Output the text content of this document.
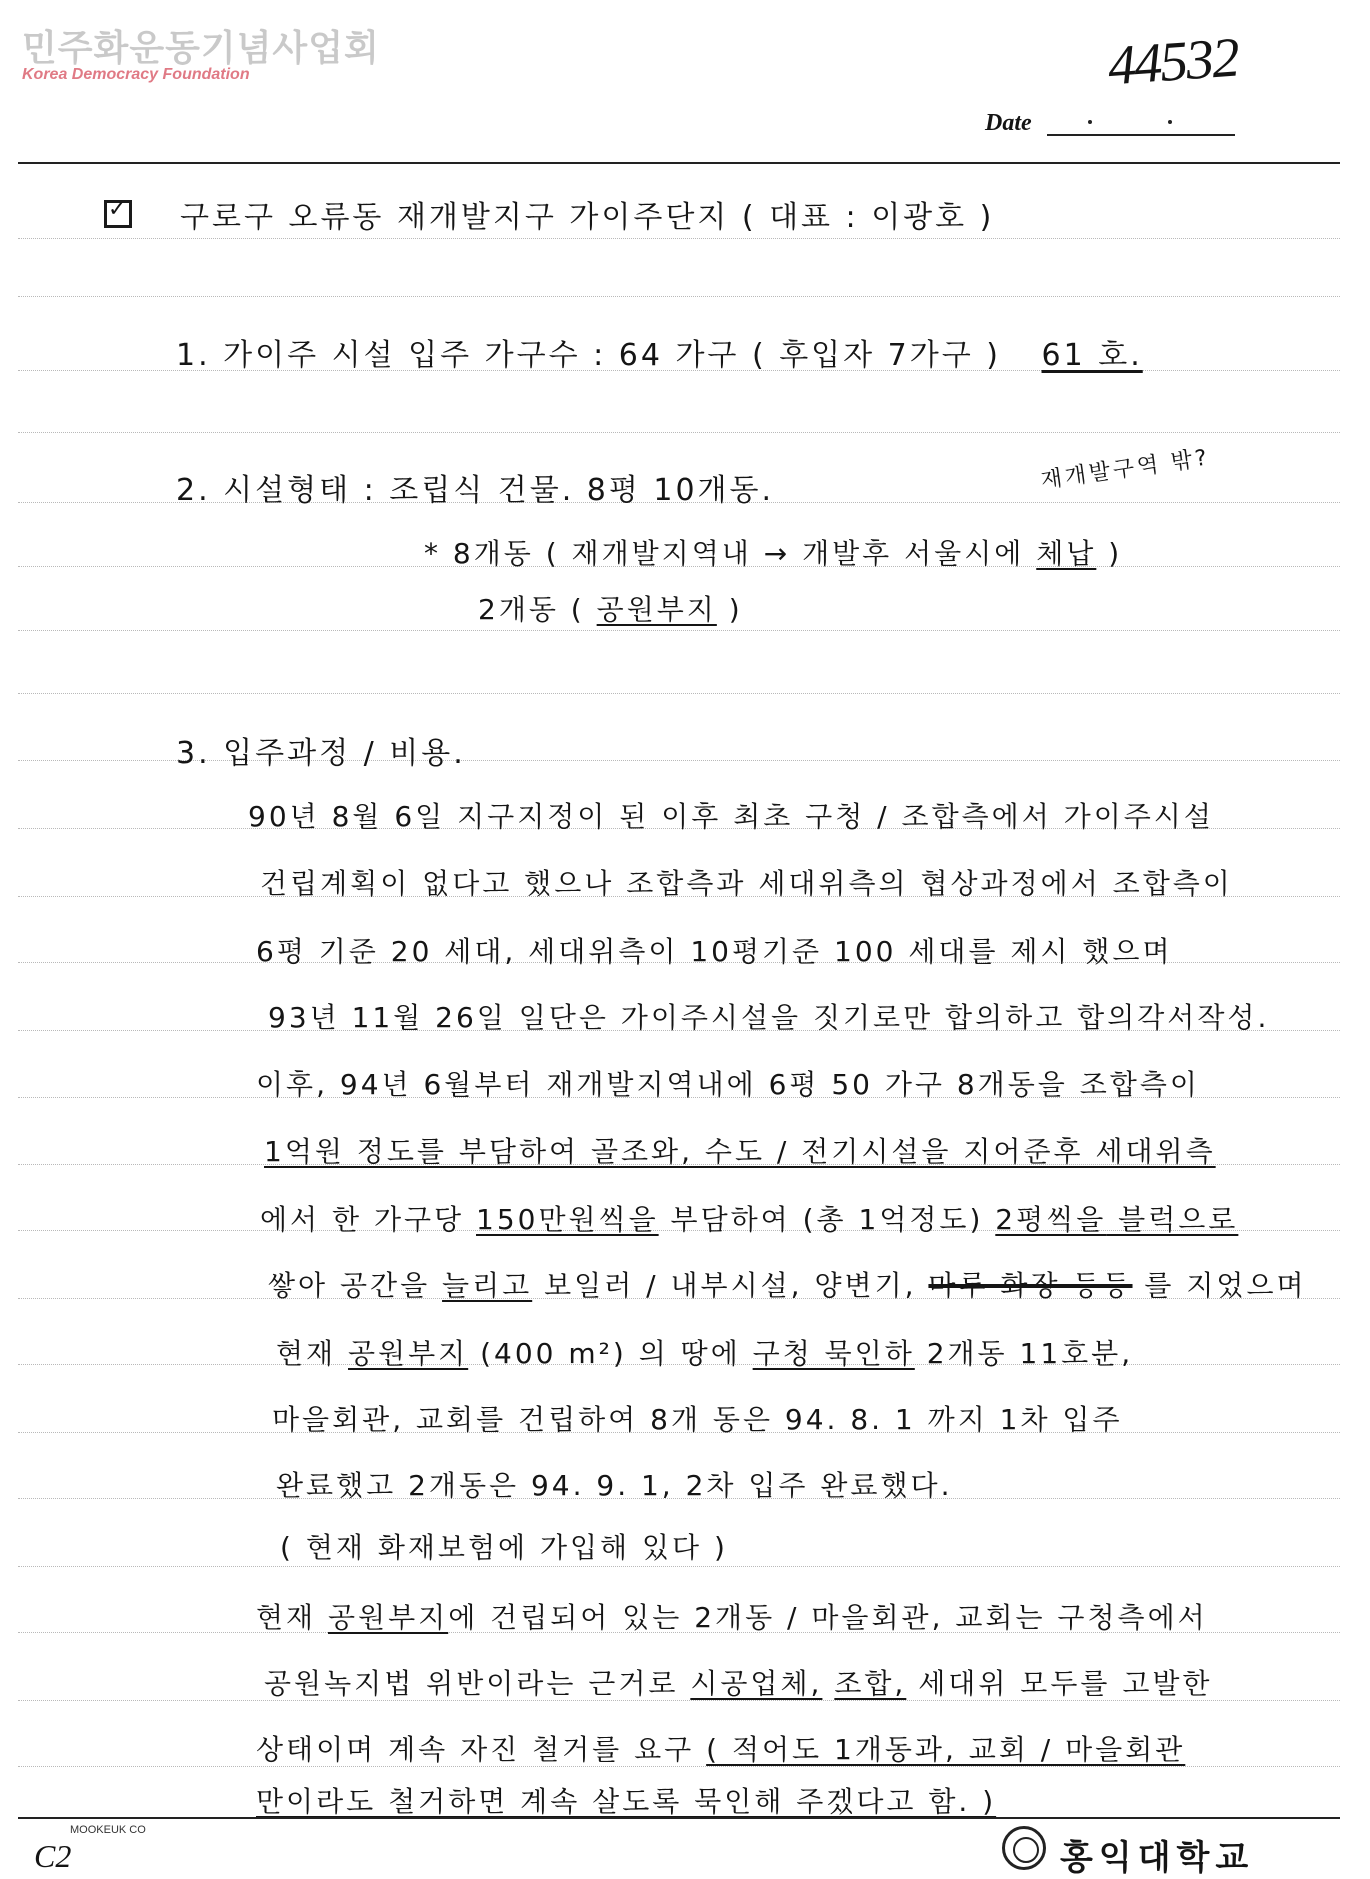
민주화운동기념사업회
Korea Democracy Foundation	44532
Date
✓
구로구 오류동 재개발지구 가이주단지 ( 대표 : 이광호 )
1. 가이주 시설 입주 가구수 : 64 가구 ( 후입자 7가구 ) 61 호.
2. 시설형태 : 조립식 건물. 8평 10개동.	재개발구역 밖?
* 8개동 ( 재개발지역내 → 개발후 서울시에 체납 )
2개동 ( 공원부지 )
3. 입주과정 / 비용.
90년 8월 6일 지구지정이 된 이후 최초 구청 / 조합측에서 가이주시설
건립계획이 없다고 했으나 조합측과 세대위측의 협상과정에서 조합측이
6평 기준 20 세대, 세대위측이 10평기준 100 세대를 제시 했으며
93년 11월 26일 일단은 가이주시설을 짓기로만 합의하고 합의각서작성.
이후, 94년 6월부터 재개발지역내에 6평 50 가구 8개동을 조합측이
1억원 정도를 부담하여 골조와, 수도 / 전기시설을 지어준후 세대위측
에서 한 가구당 150만원씩을 부담하여 (총 1억정도) 2평씩을 블럭으로
쌓아 공간을 늘리고 보일러 / 내부시설, 양변기, 마루 화장 등등 를 지었으며
현재 공원부지 (400 m²) 의 땅에 구청 묵인하 2개동 11호분,
마을회관, 교회를 건립하여 8개 동은 94. 8. 1 까지 1차 입주
완료했고 2개동은 94. 9. 1, 2차 입주 완료했다.
( 현재 화재보험에 가입해 있다 )
현재 공원부지에 건립되어 있는 2개동 / 마을회관, 교회는 구청측에서
공원녹지법 위반이라는 근거로 시공업체, 조합, 세대위 모두를 고발한
상태이며 계속 자진 철거를 요구 ( 적어도 1개동과, 교회 / 마을회관
만이라도 철거하면 계속 살도록 묵인해 주겠다고 함. )
MOOKEUK CO
C2	홍익대학교
